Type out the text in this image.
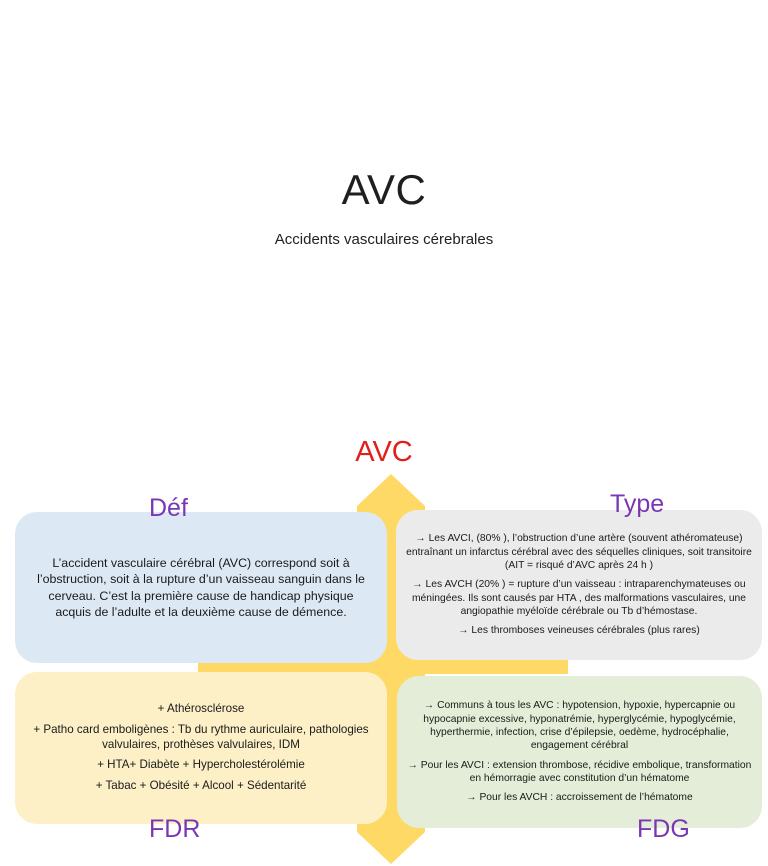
AVC
Accidents vasculaires cérebrales
AVC

L’accident vasculaire cérébral (AVC) correspond soit à l’obstruction, soit à la rupture d’un vaisseau sanguin dans le cerveau. C’est la première cause de handicap physique acquis de l’adulte et la deuxième cause de démence.

→ Les AVCI, (80% ), l’obstruction d’une artère (souvent athéromateuse) entraînant un infarctus cérébral avec des séquelles cliniques, soit transitoire (AIT = risqué d’AVC après 24 h )

→ Les AVCH (20% ) = rupture d’un vaisseau : intraparenchymateuses ou méningées. Ils sont causés par HTA , des malformations vasculaires, une angiopathie myéloïde cérébrale ou Tb d’hémostase.

→ Les thromboses veineuses cérébrales (plus rares)

+ Athérosclérose

+ Patho card emboligènes : Tb du rythme auriculaire, pathologies valvulaires, prothèses valvulaires, IDM

+ HTA+ Diabète + Hypercholestérolémie

+ Tabac + Obésité + Alcool + Sédentarité

→ Communs à tous les AVC : hypotension, hypoxie, hypercapnie ou hypocapnie excessive, hyponatrémie, hyperglycémie, hypoglycémie, hyperthermie, infection, crise d’épilepsie, oedème, hydrocéphalie, engagement cérébral

→ Pour les AVCI : extension thrombose, récidive embolique, transformation en hémorragie avec constitution d’un hématome

→ Pour les AVCH : accroissement de l’hématome

Déf	Type
FDR	FDG
